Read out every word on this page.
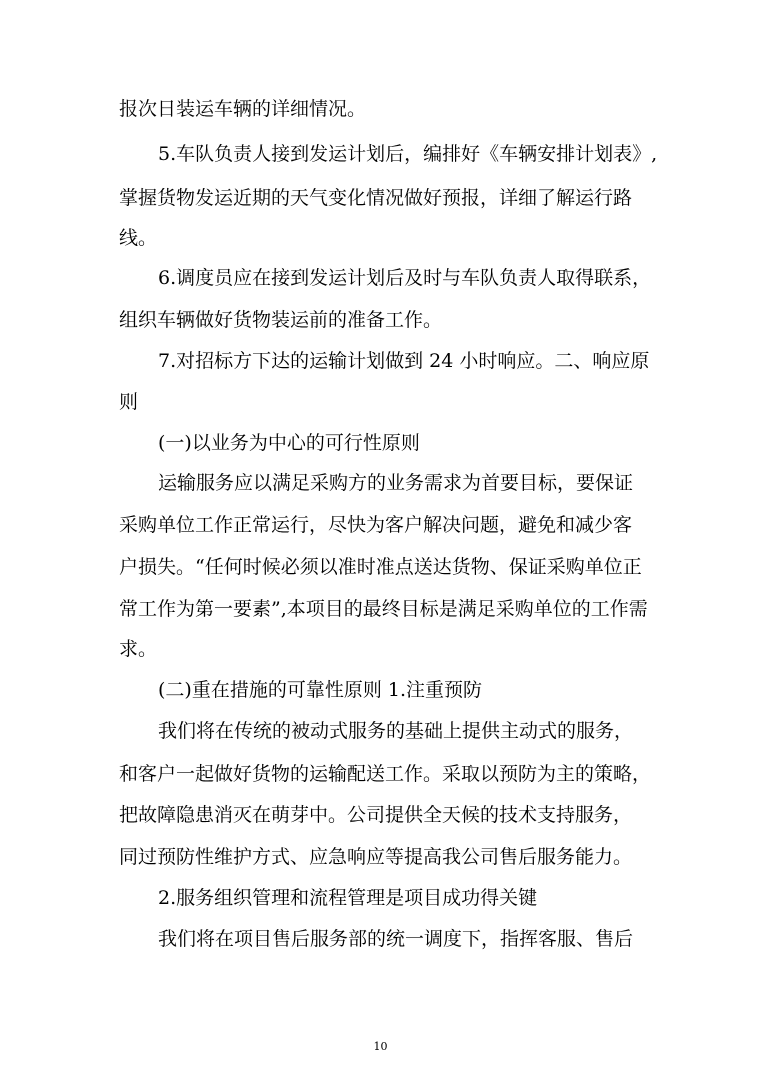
报次日装运车辆的详细情况。
5.车队负责人接到发运计划后，编排好《车辆安排计划表》,
掌握货物发运近期的天气变化情况做好预报，详细了解运行路
线。
6.调度员应在接到发运计划后及时与车队负责人取得联系，
组织车辆做好货物装运前的准备工作。
7.对招标方下达的运输计划做到 24 小时响应。二、响应原
则
(一)以业务为中心的可行性原则
运输服务应以满足采购方的业务需求为首要目标，要保证
采购单位工作正常运行，尽快为客户解决问题，避免和减少客
户损失。“任何时候必须以准时准点送达货物、保证采购单位正
常工作为第一要素”,本项目的最终目标是满足采购单位的工作需
求。
(二)重在措施的可靠性原则 1.注重预防
我们将在传统的被动式服务的基础上提供主动式的服务，
和客户一起做好货物的运输配送工作。采取以预防为主的策略，
把故障隐患消灭在萌芽中。公司提供全天候的技术支持服务，
同过预防性维护方式、应急响应等提高我公司售后服务能力。
2.服务组织管理和流程管理是项目成功得关键
我们将在项目售后服务部的统一调度下，指挥客服、售后
10
